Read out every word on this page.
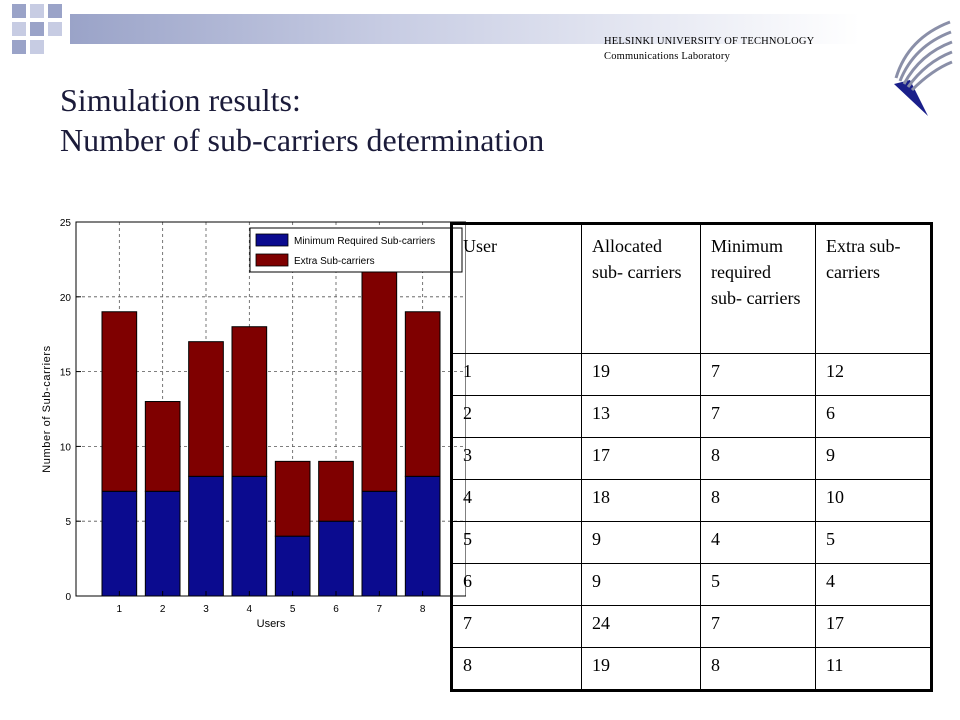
HELSINKI UNIVERSITY OF TECHNOLOGY
Communications Laboratory
Simulation results:
Number of sub-carriers determination
0
5
10
15
20
25
1	2	3	4	5	6	7	8
Users
Number of Sub-carriers
Minimum Required Sub-carriers
Extra Sub-carriers
User	Allocated sub- carriers	Minimum required sub- carriers	Extra sub- carriers
1	19	7	12
2	13	7	6
3	17	8	9
4	18	8	10
5	9	4	5
6	9	5	4
7	24	7	17
8	19	8	11
